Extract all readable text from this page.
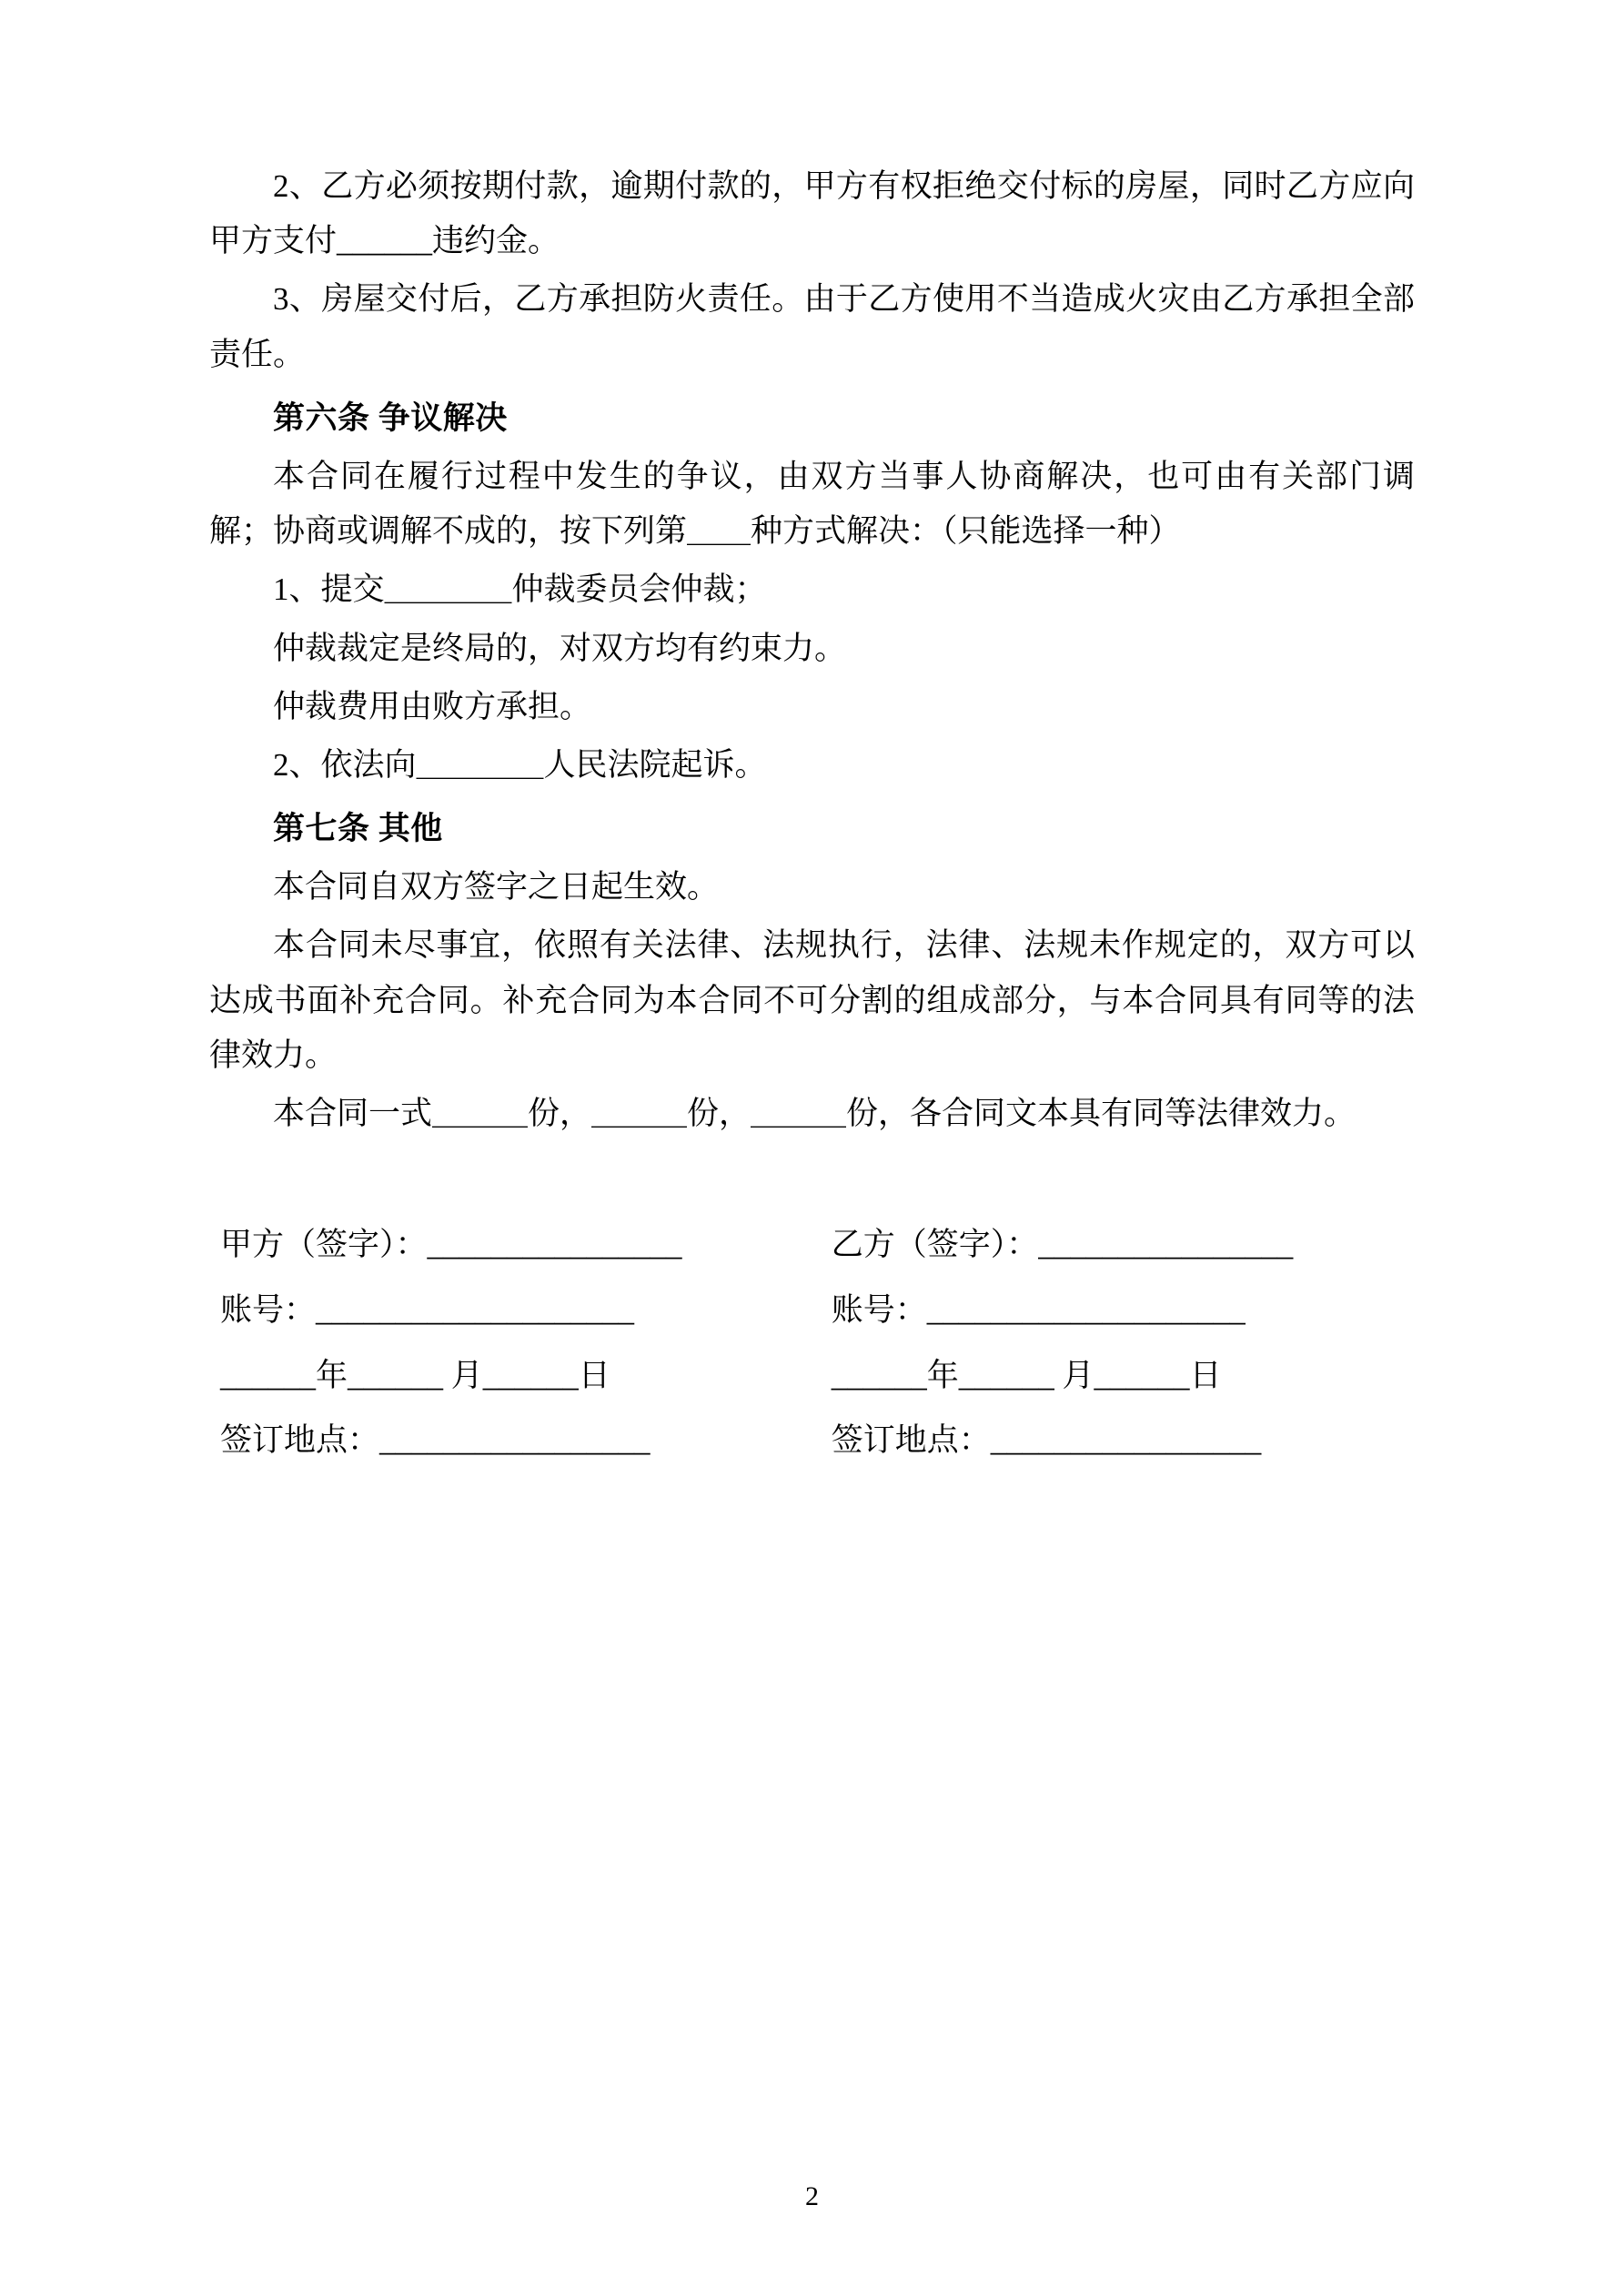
2、乙方必须按期付款，逾期付款的，甲方有权拒绝交付标的房屋，同时乙方应向甲方支付______违约金。

3、房屋交付后，乙方承担防火责任。由于乙方使用不当造成火灾由乙方承担全部责任。

第六条 争议解决

本合同在履行过程中发生的争议，由双方当事人协商解决，也可由有关部门调解；协商或调解不成的，按下列第＿＿种方式解决：（只能选择一种）

1、提交＿＿＿＿仲裁委员会仲裁；

仲裁裁定是终局的，对双方均有约束力。

仲裁费用由败方承担。

2、依法向＿＿＿＿人民法院起诉。

第七条 其他

本合同自双方签字之日起生效。

本合同未尽事宜，依照有关法律、法规执行，法律、法规未作规定的，双方可以达成书面补充合同。补充合同为本合同不可分割的组成部分，与本合同具有同等的法律效力。

本合同一式＿＿＿份，＿＿＿份，＿＿＿份，各合同文本具有同等法律效力。

甲方（签字）：________________	乙方（签字）：________________

账号：____________________	账号：____________________

______年______ 月______日	______年______ 月______日

签订地点：_________________	签订地点：_________________
2
